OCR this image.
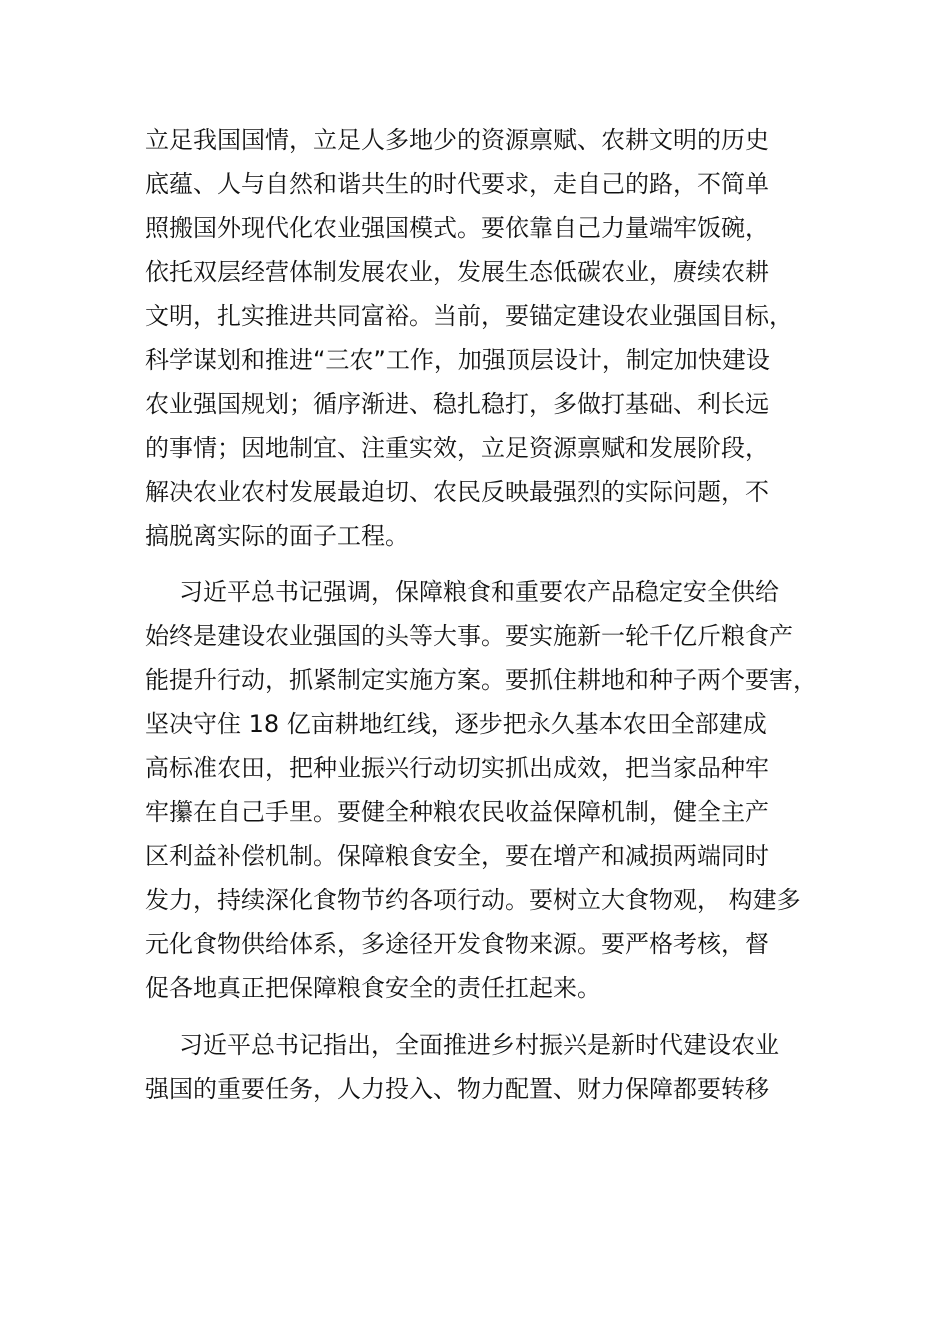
立足我国国情，立足人多地少的资源禀赋、农耕文明的历史
底蕴、人与自然和谐共生的时代要求，走自己的路，不简单
照搬国外现代化农业强国模式。要依靠自己力量端牢饭碗，
依托双层经营体制发展农业，发展生态低碳农业，赓续农耕
文明，扎实推进共同富裕。当前，要锚定建设农业强国目标，
科学谋划和推进“三农”工作，加强顶层设计，制定加快建设
农业强国规划；循序渐进、稳扎稳打，多做打基础、利长远
的事情；因地制宜、注重实效，立足资源禀赋和发展阶段，
解决农业农村发展最迫切、农民反映最强烈的实际问题，不
搞脱离实际的面子工程。
习近平总书记强调，保障粮食和重要农产品稳定安全供给
始终是建设农业强国的头等大事。要实施新一轮千亿斤粮食产
能提升行动，抓紧制定实施方案。要抓住耕地和种子两个要害，
坚决守住 18 亿亩耕地红线，逐步把永久基本农田全部建成
高标准农田，把种业振兴行动切实抓出成效，把当家品种牢
牢攥在自己手里。要健全种粮农民收益保障机制，健全主产
区利益补偿机制。保障粮食安全，要在增产和减损两端同时
发力，持续深化食物节约各项行动。要树立大食物观， 构建多
元化食物供给体系，多途径开发食物来源。要严格考核，督
促各地真正把保障粮食安全的责任扛起来。
习近平总书记指出，全面推进乡村振兴是新时代建设农业
强国的重要任务，人力投入、物力配置、财力保障都要转移
